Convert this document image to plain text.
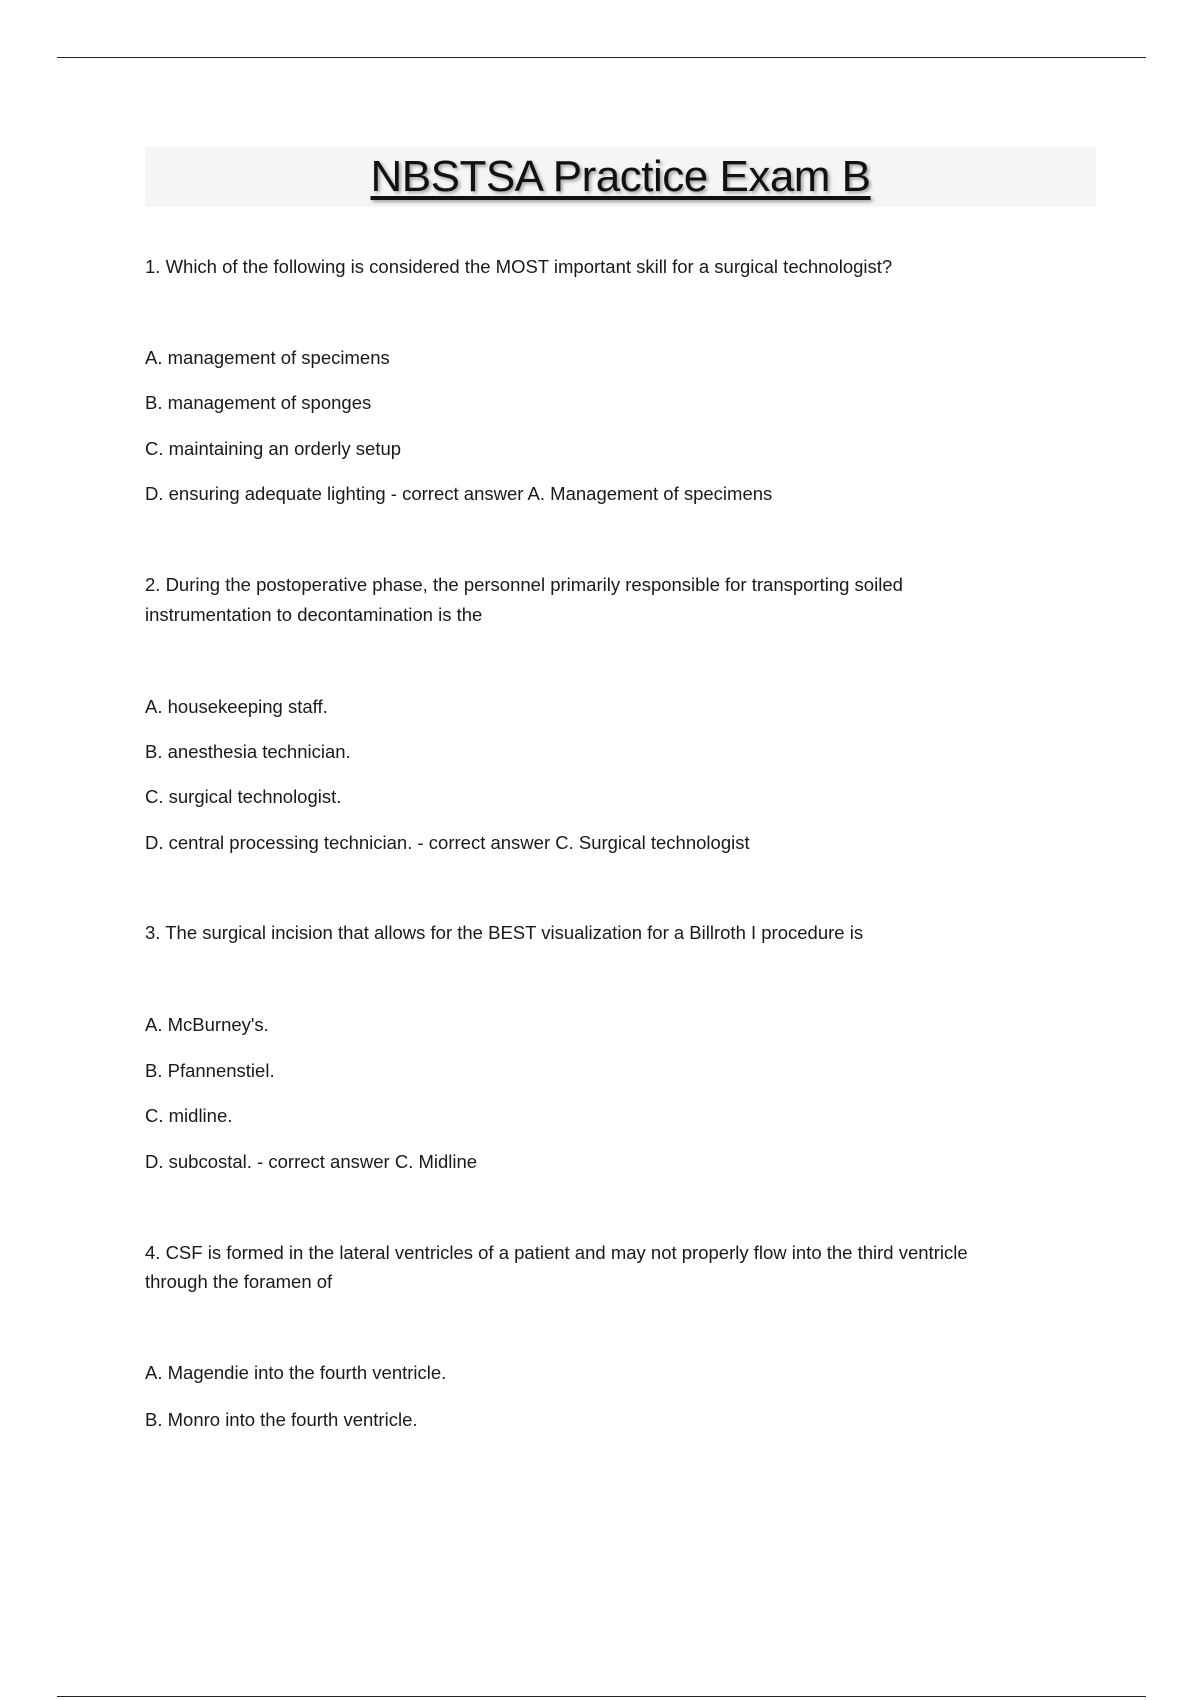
NBSTSA Practice Exam B
1. Which of the following is considered the MOST important skill for a surgical technologist?
A. management of specimens
B. management of sponges
C. maintaining an orderly setup
D. ensuring adequate lighting - correct answer A. Management of specimens
2. During the postoperative phase, the personnel primarily responsible for transporting soiled
instrumentation to decontamination is the
A. housekeeping staff.
B. anesthesia technician.
C. surgical technologist.
D. central processing technician. - correct answer C. Surgical technologist
3. The surgical incision that allows for the BEST visualization for a Billroth I procedure is
A. McBurney's.
B. Pfannenstiel.
C. midline.
D. subcostal. - correct answer C. Midline
4. CSF is formed in the lateral ventricles of a patient and may not properly flow into the third ventricle
through the foramen of
A. Magendie into the fourth ventricle.
B. Monro into the fourth ventricle.
